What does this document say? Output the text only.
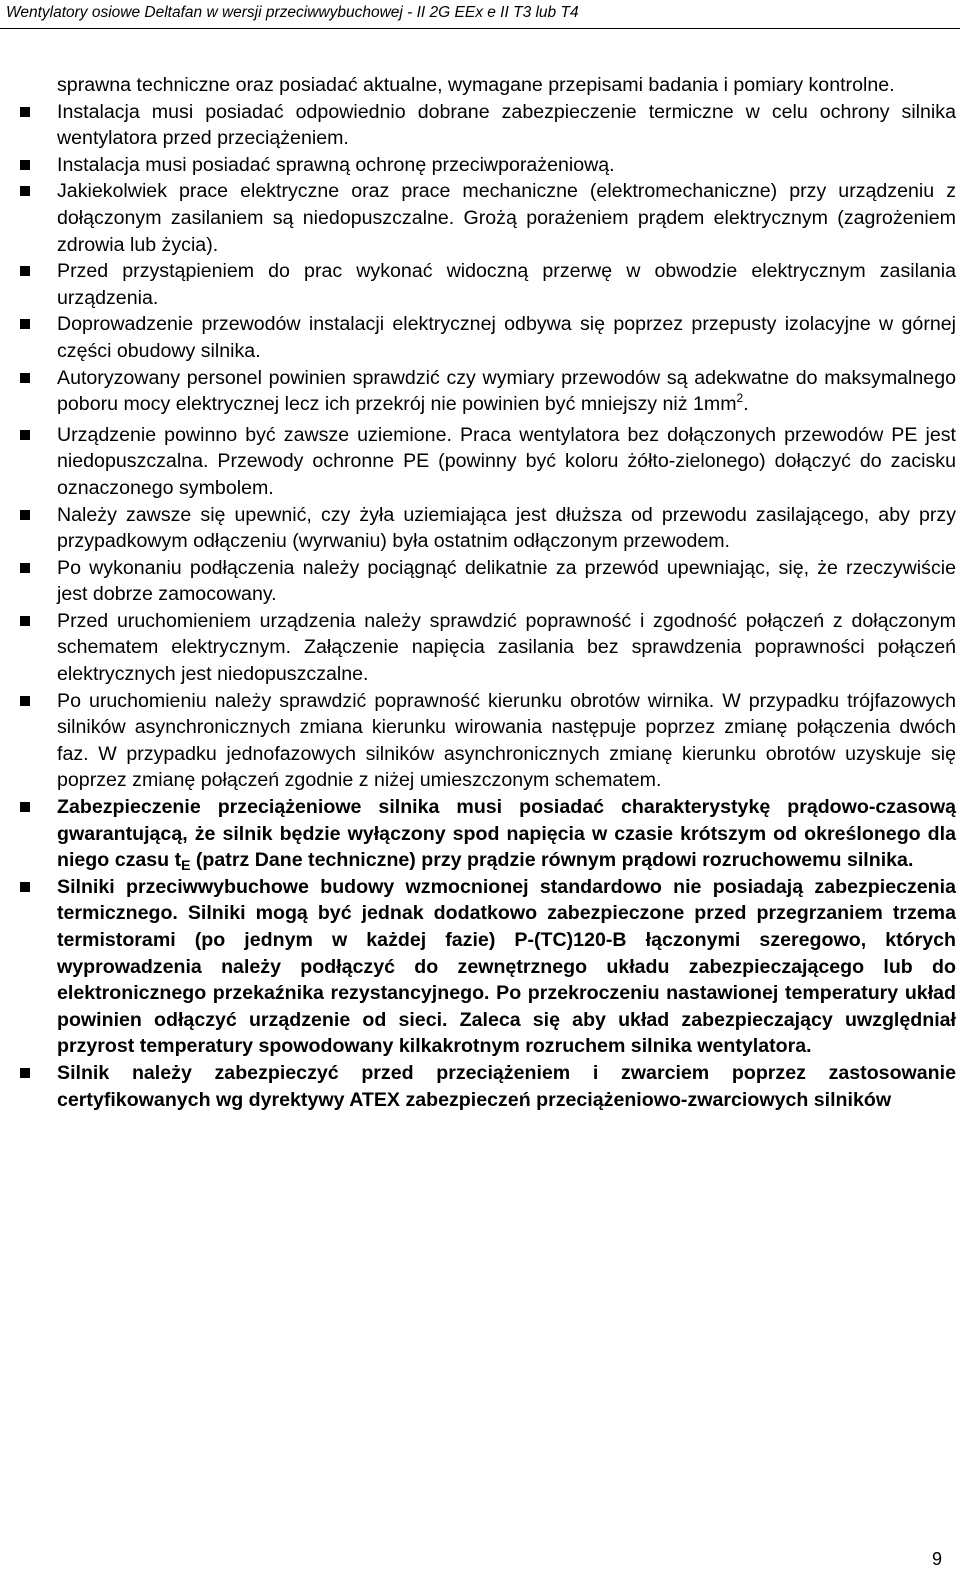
Wentylatory osiowe Deltafan w wersji przeciwwybuchowej - II 2G EEx e II T3 lub T4
sprawna techniczne oraz posiadać aktualne, wymagane przepisami badania i pomiary kontrolne.
Instalacja musi posiadać odpowiednio dobrane zabezpieczenie termiczne w celu ochrony silnika wentylatora przed przeciążeniem.
Instalacja musi posiadać sprawną ochronę przeciwporażeniową.
Jakiekolwiek prace elektryczne oraz prace mechaniczne (elektromechaniczne) przy urządzeniu z dołączonym zasilaniem są niedopuszczalne. Grożą porażeniem prądem elektrycznym (zagrożeniem zdrowia lub życia).
Przed przystąpieniem do prac wykonać widoczną przerwę w obwodzie elektrycznym zasilania urządzenia.
Doprowadzenie przewodów instalacji elektrycznej odbywa się poprzez przepusty izolacyjne w górnej części obudowy silnika.
Autoryzowany personel powinien sprawdzić czy wymiary przewodów są adekwatne do maksymalnego poboru mocy elektrycznej lecz ich przekrój nie powinien być mniejszy niż $1mm^2$.
Urządzenie powinno być zawsze uziemione. Praca wentylatora bez dołączonych przewodów PE jest niedopuszczalna. Przewody ochronne PE (powinny być koloru żółto-zielonego) dołączyć do zacisku oznaczonego symbolem.
Należy zawsze się upewnić, czy żyła uziemiająca jest dłuższa od przewodu zasilającego, aby przy przypadkowym odłączeniu (wyrwaniu) była ostatnim odłączonym przewodem.
Po wykonaniu podłączenia należy pociągnąć delikatnie za przewód upewniając, się, że rzeczywiście jest dobrze zamocowany.
Przed uruchomieniem urządzenia należy sprawdzić poprawność i zgodność połączeń z dołączonym schematem elektrycznym. Załączenie napięcia zasilania bez sprawdzenia poprawności połączeń elektrycznych jest niedopuszczalne.
Po uruchomieniu należy sprawdzić poprawność kierunku obrotów wirnika. W przypadku trójfazowych silników asynchronicznych zmiana kierunku wirowania następuje poprzez zmianę połączenia dwóch faz. W przypadku jednofazowych silników asynchronicznych zmianę kierunku obrotów uzyskuje się poprzez zmianę połączeń zgodnie z niżej umieszczonym schematem.
Zabezpieczenie przeciążeniowe silnika musi posiadać charakterystykę prądowo-czasową gwarantującą, że silnik będzie wyłączony spod napięcia w czasie krótszym od określonego dla niego czasu $t_E$ (patrz Dane techniczne) przy prądzie równym prądowi rozruchowemu silnika.
Silniki przeciwwybuchowe budowy wzmocnionej standardowo nie posiadają zabezpieczenia termicznego. Silniki mogą być jednak dodatkowo zabezpieczone przed przegrzaniem trzema termistorami (po jednym w każdej fazie) P-(TC)120-B łączonymi szeregowo, których wyprowadzenia należy podłączyć do zewnętrznego układu zabezpieczającego lub do elektronicznego przekaźnika rezystancyjnego. Po przekroczeniu nastawionej temperatury układ powinien odłączyć urządzenie od sieci. Zaleca się aby układ zabezpieczający uwzględniał przyrost temperatury spowodowany kilkakrotnym rozruchem silnika wentylatora.
Silnik należy zabezpieczyć przed przeciążeniem i zwarciem poprzez zastosowanie certyfikowanych wg dyrektywy ATEX zabezpieczeń przeciążeniowo-zwarciowych silników
9
